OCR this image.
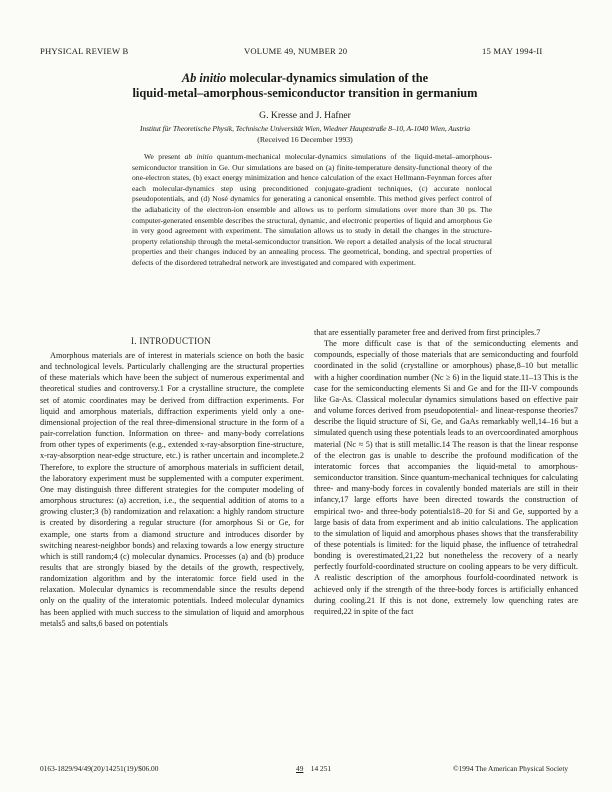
PHYSICAL REVIEW B	VOLUME 49, NUMBER 20	15 MAY 1994-II
Ab initio molecular-dynamics simulation of the
liquid-metal–amorphous-semiconductor transition in germanium
G. Kresse and J. Hafner
Institut für Theoretische Physik, Technische Universität Wien, Wiedner Hauptstraße 8–10, A-1040 Wien, Austria
(Received 16 December 1993)
We present ab initio quantum-mechanical molecular-dynamics simulations of the liquid-metal–amorphous-semiconductor transition in Ge. Our simulations are based on (a) finite-temperature density-functional theory of the one-electron states, (b) exact energy minimization and hence calculation of the exact Hellmann-Feynman forces after each molecular-dynamics step using preconditioned conjugate-gradient techniques, (c) accurate nonlocal pseudopotentials, and (d) Nosé dynamics for generating a canonical ensemble. This method gives perfect control of the adiabaticity of the electron-ion ensemble and allows us to perform simulations over more than 30 ps. The computer-generated ensemble describes the structural, dynamic, and electronic properties of liquid and amorphous Ge in very good agreement with experiment. The simulation allows us to study in detail the changes in the structure-property relationship through the metal-semiconductor transition. We report a detailed analysis of the local structural properties and their changes induced by an annealing process. The geometrical, bonding, and spectral properties of defects of the disordered tetrahedral network are investigated and compared with experiment.
I. INTRODUCTION
Amorphous materials are of interest in materials science on both the basic and technological levels. Particularly challenging are the structural properties of these materials which have been the subject of numerous experimental and theoretical studies and controversy.1 For a crystalline structure, the complete set of atomic coordinates may be derived from diffraction experiments. For liquid and amorphous materials, diffraction experiments yield only a one-dimensional projection of the real three-dimensional structure in the form of a pair-correlation function. Information on three- and many-body correlations from other types of experiments (e.g., extended x-ray-absorption fine-structure, x-ray-absorption near-edge structure, etc.) is rather uncertain and incomplete.2 Therefore, to explore the structure of amorphous materials in sufficient detail, the laboratory experiment must be supplemented with a computer experiment. One may distinguish three different strategies for the computer modeling of amorphous structures: (a) accretion, i.e., the sequential addition of atoms to a growing cluster;3 (b) randomization and relaxation: a highly random structure is created by disordering a regular structure (for amorphous Si or Ge, for example, one starts from a diamond structure and introduces disorder by switching nearest-neighbor bonds) and relaxing towards a low energy structure which is still random;4 (c) molecular dynamics. Processes (a) and (b) produce results that are strongly biased by the details of the growth, respectively, randomization algorithm and by the interatomic force field used in the relaxation. Molecular dynamics is recommendable since the results depend only on the quality of the interatomic potentials. Indeed molecular dynamics has been applied with much success to the simulation of liquid and amorphous metals5 and salts,6 based on potentials

that are essentially parameter free and derived from first principles.7

The more difficult case is that of the semiconducting elements and compounds, especially of those materials that are semiconducting and fourfold coordinated in the solid (crystalline or amorphous) phase,8–10 but metallic with a higher coordination number (Nc ≥ 6) in the liquid state.11–13 This is the case for the semiconducting elements Si and Ge and for the III-V compounds like Ga-As. Classical molecular dynamics simulations based on effective pair and volume forces derived from pseudopotential- and linear-response theories7 describe the liquid structure of Si, Ge, and GaAs remarkably well,14–16 but a simulated quench using these potentials leads to an overcoordinated amorphous material (Nc ≈ 5) that is still metallic.14 The reason is that the linear response of the electron gas is unable to describe the profound modification of the interatomic forces that accompanies the liquid-metal to amorphous-semiconductor transition. Since quantum-mechanical techniques for calculating three- and many-body forces in covalently bonded materials are still in their infancy,17 large efforts have been directed towards the construction of empirical two- and three-body potentials18–20 for Si and Ge, supported by a large basis of data from experiment and ab initio calculations. The application to the simulation of liquid and amorphous phases shows that the transferability of these potentials is limited: for the liquid phase, the influence of tetrahedral bonding is overestimated,21,22 but nonetheless the recovery of a nearly perfectly fourfold-coordinated structure on cooling appears to be very difficult. A realistic description of the amorphous fourfold-coordinated network is achieved only if the strength of the three-body forces is artificially enhanced during cooling.21 If this is not done, extremely low quenching rates are required,22 in spite of the fact

0163-1829/94/49(20)/14251(19)/$06.00	49 14 251	©1994 The American Physical Society
